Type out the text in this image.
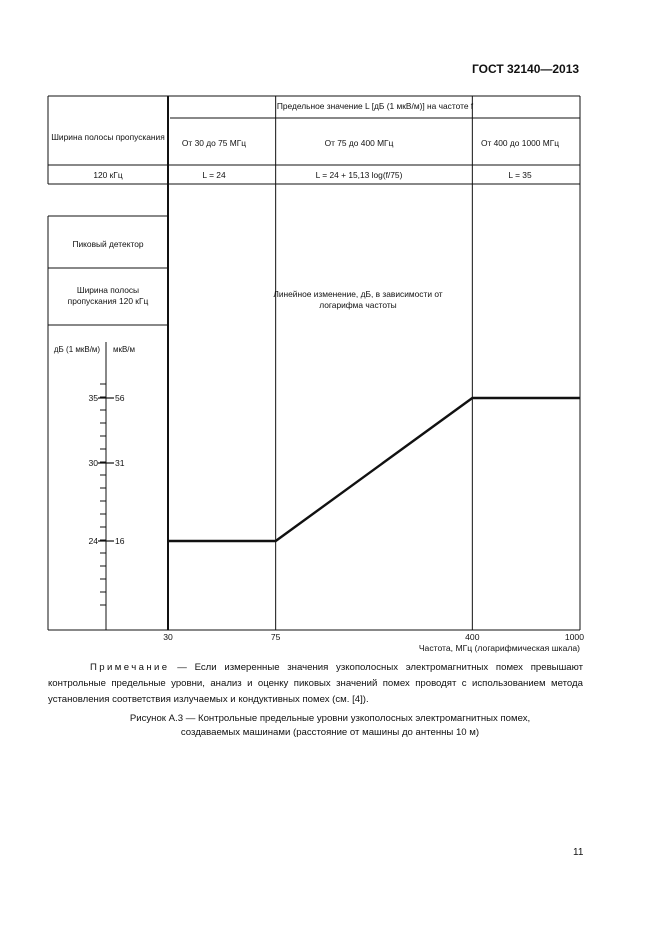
ГОСТ 32140—2013
Ширина полосы пропускания
Предельное значение L [дБ (1 мкВ/м)] на частоте f
От 30 до 75 МГц	От 75 до 400 МГц	От 400 до 1000 МГц
120 кГц	L = 24	L = 24 + 15,13 log(f/75)	L = 35
Пиковый детектор
Ширина полосы пропускания 120 кГц
дБ (1 мкВ/м)	мкВ/м
Линейное изменение, дБ, в зависимости от логарифма частоты
35 56
30 31
24 16
30	75	400	1000
Частота, МГц (логарифмическая шкала)
Примечание — Если измеренные значения узкополосных электромагнитных помех превышают контрольные предельные уровни, анализ и оценку пиковых значений помех проводят с использованием метода установления соответствия излучаемых и кондуктивных помех (см. [4]).
Рисунок А.3 — Контрольные предельные уровни узкополосных электромагнитных помех,
создаваемых машинами (расстояние от машины до антенны 10 м)
11
